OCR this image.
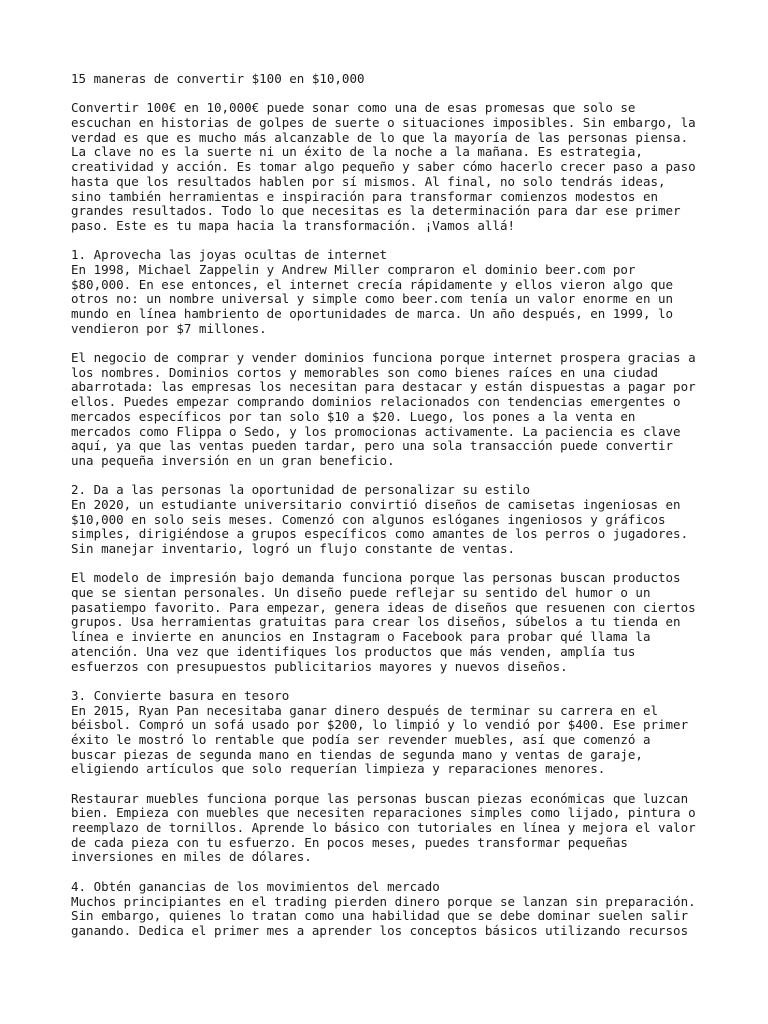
15 maneras de convertir $100 en $10,000
Convertir 100€ en 10,000€ puede sonar como una de esas promesas que solo se
escuchan en historias de golpes de suerte o situaciones imposibles. Sin embargo, la
verdad es que es mucho más alcanzable de lo que la mayoría de las personas piensa.
La clave no es la suerte ni un éxito de la noche a la mañana. Es estrategia,
creatividad y acción. Es tomar algo pequeño y saber cómo hacerlo crecer paso a paso
hasta que los resultados hablen por sí mismos. Al final, no solo tendrás ideas,
sino también herramientas e inspiración para transformar comienzos modestos en
grandes resultados. Todo lo que necesitas es la determinación para dar ese primer
paso. Este es tu mapa hacia la transformación. ¡Vamos allá!
1. Aprovecha las joyas ocultas de internet
En 1998, Michael Zappelin y Andrew Miller compraron el dominio beer.com por
$80,000. En ese entonces, el internet crecía rápidamente y ellos vieron algo que
otros no: un nombre universal y simple como beer.com tenía un valor enorme en un
mundo en línea hambriento de oportunidades de marca. Un año después, en 1999, lo
vendieron por $7 millones.
El negocio de comprar y vender dominios funciona porque internet prospera gracias a
los nombres. Dominios cortos y memorables son como bienes raíces en una ciudad
abarrotada: las empresas los necesitan para destacar y están dispuestas a pagar por
ellos. Puedes empezar comprando dominios relacionados con tendencias emergentes o
mercados específicos por tan solo $10 a $20. Luego, los pones a la venta en
mercados como Flippa o Sedo, y los promocionas activamente. La paciencia es clave
aquí, ya que las ventas pueden tardar, pero una sola transacción puede convertir
una pequeña inversión en un gran beneficio.
2. Da a las personas la oportunidad de personalizar su estilo
En 2020, un estudiante universitario convirtió diseños de camisetas ingeniosas en
$10,000 en solo seis meses. Comenzó con algunos eslóganes ingeniosos y gráficos
simples, dirigiéndose a grupos específicos como amantes de los perros o jugadores.
Sin manejar inventario, logró un flujo constante de ventas.
El modelo de impresión bajo demanda funciona porque las personas buscan productos
que se sientan personales. Un diseño puede reflejar su sentido del humor o un
pasatiempo favorito. Para empezar, genera ideas de diseños que resuenen con ciertos
grupos. Usa herramientas gratuitas para crear los diseños, súbelos a tu tienda en
línea e invierte en anuncios en Instagram o Facebook para probar qué llama la
atención. Una vez que identifiques los productos que más venden, amplía tus
esfuerzos con presupuestos publicitarios mayores y nuevos diseños.
3. Convierte basura en tesoro
En 2015, Ryan Pan necesitaba ganar dinero después de terminar su carrera en el
béisbol. Compró un sofá usado por $200, lo limpió y lo vendió por $400. Ese primer
éxito le mostró lo rentable que podía ser revender muebles, así que comenzó a
buscar piezas de segunda mano en tiendas de segunda mano y ventas de garaje,
eligiendo artículos que solo requerían limpieza y reparaciones menores.
Restaurar muebles funciona porque las personas buscan piezas económicas que luzcan
bien. Empieza con muebles que necesiten reparaciones simples como lijado, pintura o
reemplazo de tornillos. Aprende lo básico con tutoriales en línea y mejora el valor
de cada pieza con tu esfuerzo. En pocos meses, puedes transformar pequeñas
inversiones en miles de dólares.
4. Obtén ganancias de los movimientos del mercado
Muchos principiantes en el trading pierden dinero porque se lanzan sin preparación.
Sin embargo, quienes lo tratan como una habilidad que se debe dominar suelen salir
ganando. Dedica el primer mes a aprender los conceptos básicos utilizando recursos
